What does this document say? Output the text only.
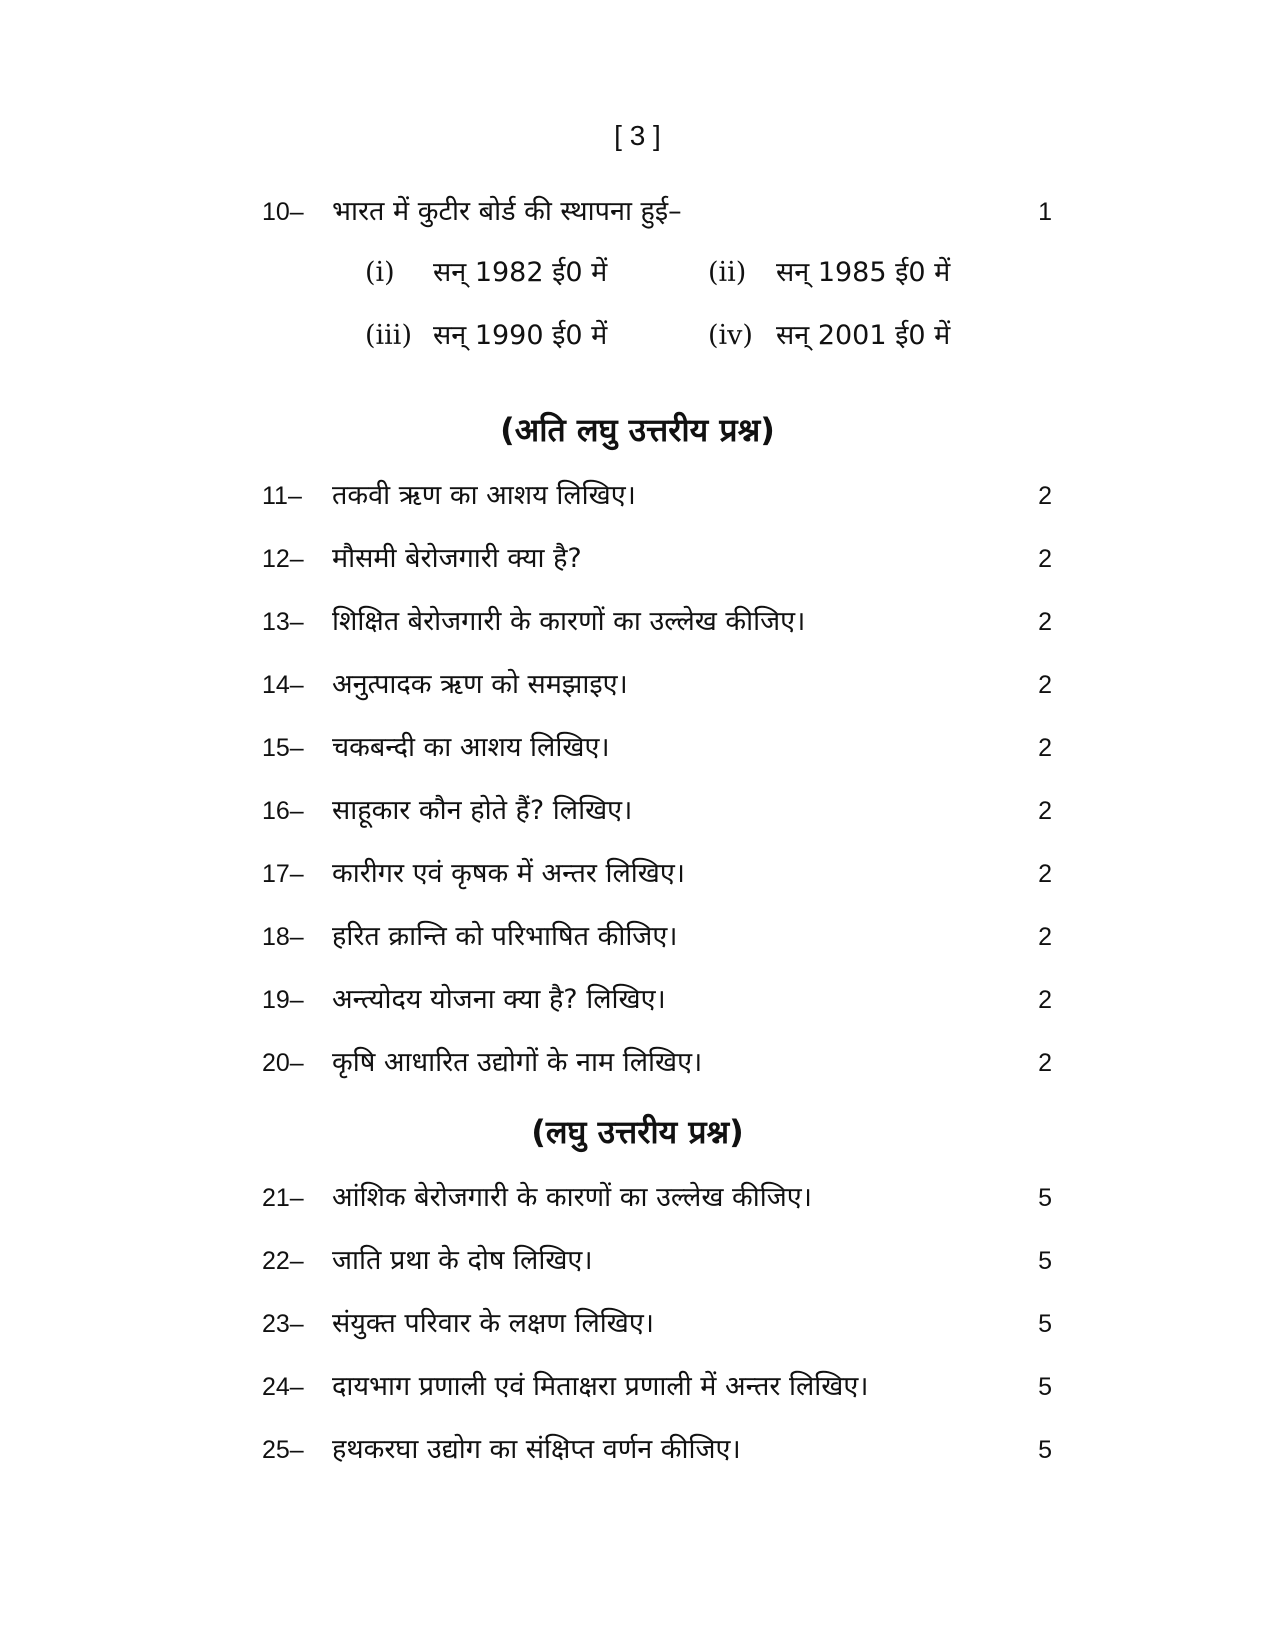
[ 3 ]
10– भारत में कुटीर बोर्ड की स्थापना हुई–	1
(i) सन् 1982 ई0 में	(ii) सन् 1985 ई0 में
(iii) सन् 1990 ई0 में	(iv) सन् 2001 ई0 में
(अति लघु उत्तरीय प्रश्न)
11– तकवी ऋण का आशय लिखिए।	2
12– मौसमी बेरोजगारी क्या है?	2
13– शिक्षित बेरोजगारी के कारणों का उल्लेख कीजिए।	2
14– अनुत्पादक ऋण को समझाइए।	2
15– चकबन्दी का आशय लिखिए।	2
16– साहूकार कौन होते हैं? लिखिए।	2
17– कारीगर एवं कृषक में अन्तर लिखिए।	2
18– हरित क्रान्ति को परिभाषित कीजिए।	2
19– अन्त्योदय योजना क्या है? लिखिए।	2
20– कृषि आधारित उद्योगों के नाम लिखिए।	2
(लघु उत्तरीय प्रश्न)
21– आंशिक बेरोजगारी के कारणों का उल्लेख कीजिए।	5
22– जाति प्रथा के दोष लिखिए।	5
23– संयुक्त परिवार के लक्षण लिखिए।	5
24– दायभाग प्रणाली एवं मिताक्षरा प्रणाली में अन्तर लिखिए।	5
25– हथकरघा उद्योग का संक्षिप्त वर्णन कीजिए।	5
